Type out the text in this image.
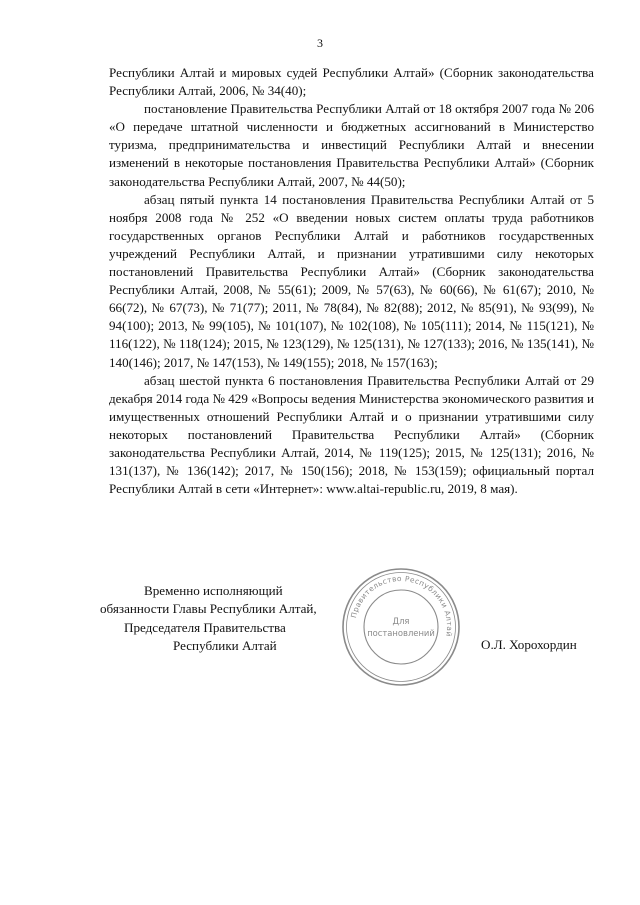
3

Республики Алтай и мировых судей Республики Алтай» (Сборник законодательства Республики Алтай, 2006, № 34(40);

постановление Правительства Республики Алтай от 18 октября 2007 года № 206 «О передаче штатной численности и бюджетных ассигнований в Министерство туризма, предпринимательства и инвестиций Республики Алтай и внесении изменений в некоторые постановления Правительства Республики Алтай» (Сборник законодательства Республики Алтай, 2007, № 44(50);

абзац пятый пункта 14 постановления Правительства Республики Алтай от 5 ноября 2008 года № 252 «О введении новых систем оплаты труда работников государственных органов Республики Алтай и работников государственных учреждений Республики Алтай, и признании утратившими силу некоторых постановлений Правительства Республики Алтай» (Сборник законодательства Республики Алтай, 2008, № 55(61); 2009, № 57(63), № 60(66), № 61(67); 2010, № 66(72), № 67(73), № 71(77); 2011, № 78(84), № 82(88); 2012, № 85(91), № 93(99), № 94(100); 2013, № 99(105), № 101(107), № 102(108), № 105(111); 2014, № 115(121), № 116(122), № 118(124); 2015, № 123(129), № 125(131), № 127(133); 2016, № 135(141), № 140(146); 2017, № 147(153), № 149(155); 2018, № 157(163);

абзац шестой пункта 6 постановления Правительства Республики Алтай от 29 декабря 2014 года № 429 «Вопросы ведения Министерства экономического развития и имущественных отношений Республики Алтай и о признании утратившими силу некоторых постановлений Правительства Республики Алтай» (Сборник законодательства Республики Алтай, 2014, № 119(125); 2015, № 125(131); 2016, № 131(137), № 136(142); 2017, № 150(156); 2018, № 153(159); официальный портал Республики Алтай в сети «Интернет»: www.altai-republic.ru, 2019, 8 мая).

Временно исполняющий
обязанности Главы Республики Алтай,
Председателя Правительства
Республики Алтай
Правительство Республики Алтай
Для
постановлений
О.Л. Хорохордин
